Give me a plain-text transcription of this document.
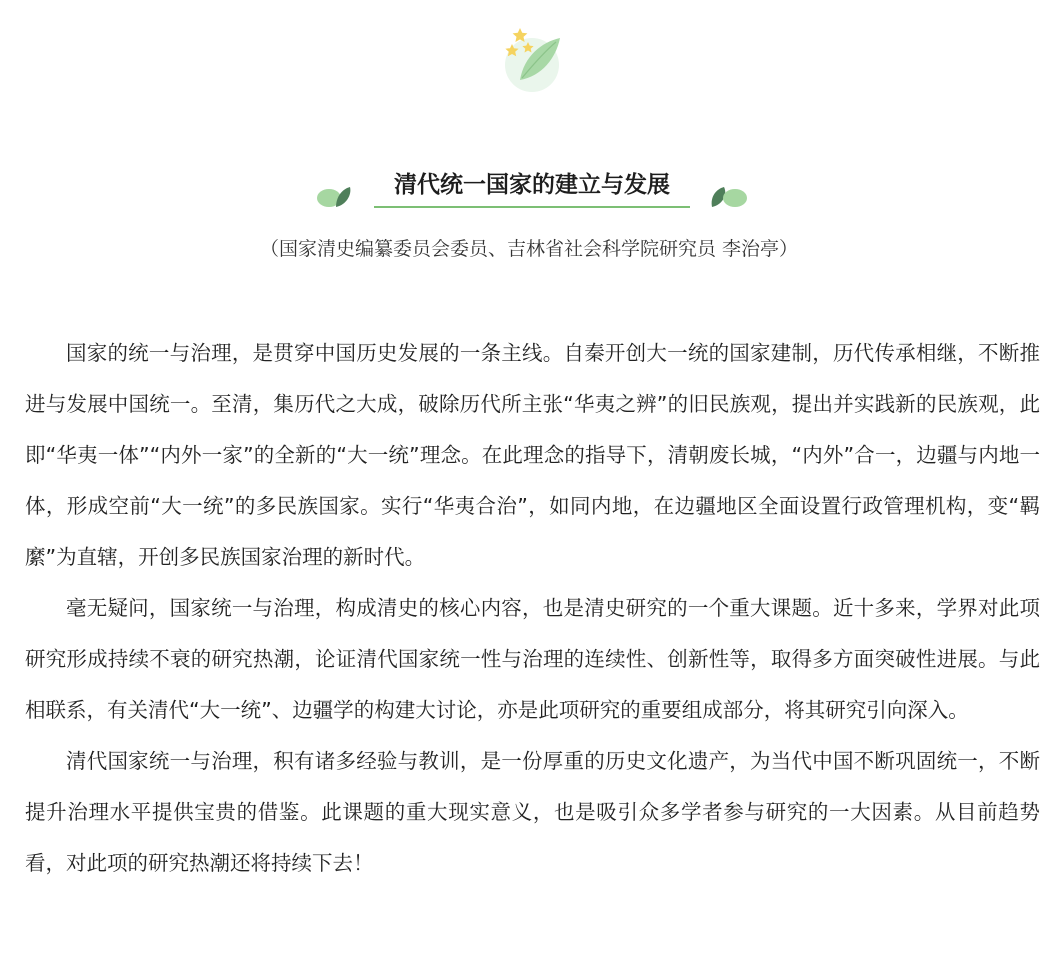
清代统一国家的建立与发展
（国家清史编纂委员会委员、吉林省社会科学院研究员 李治亭）

国家的统一与治理，是贯穿中国历史发展的一条主线。自秦开创大一统的国家建制，历代传承相继，不断推进与发展中国统一。至清，集历代之大成，破除历代所主张“华夷之辨”的旧民族观，提出并实践新的民族观，此即“华夷一体”“内外一家”的全新的“大一统”理念。在此理念的指导下，清朝废长城，“内外”合一，边疆与内地一体，形成空前“大一统”的多民族国家。实行“华夷合治”，如同内地，在边疆地区全面设置行政管理机构，变“羁縻”为直辖，开创多民族国家治理的新时代。

毫无疑问，国家统一与治理，构成清史的核心内容，也是清史研究的一个重大课题。近十多来，学界对此项研究形成持续不衰的研究热潮，论证清代国家统一性与治理的连续性、创新性等，取得多方面突破性进展。与此相联系，有关清代“大一统”、边疆学的构建大讨论，亦是此项研究的重要组成部分，将其研究引向深入。

清代国家统一与治理，积有诸多经验与教训，是一份厚重的历史文化遗产，为当代中国不断巩固统一，不断提升治理水平提供宝贵的借鉴。此课题的重大现实意义，也是吸引众多学者参与研究的一大因素。从目前趋势看，对此项的研究热潮还将持续下去！
